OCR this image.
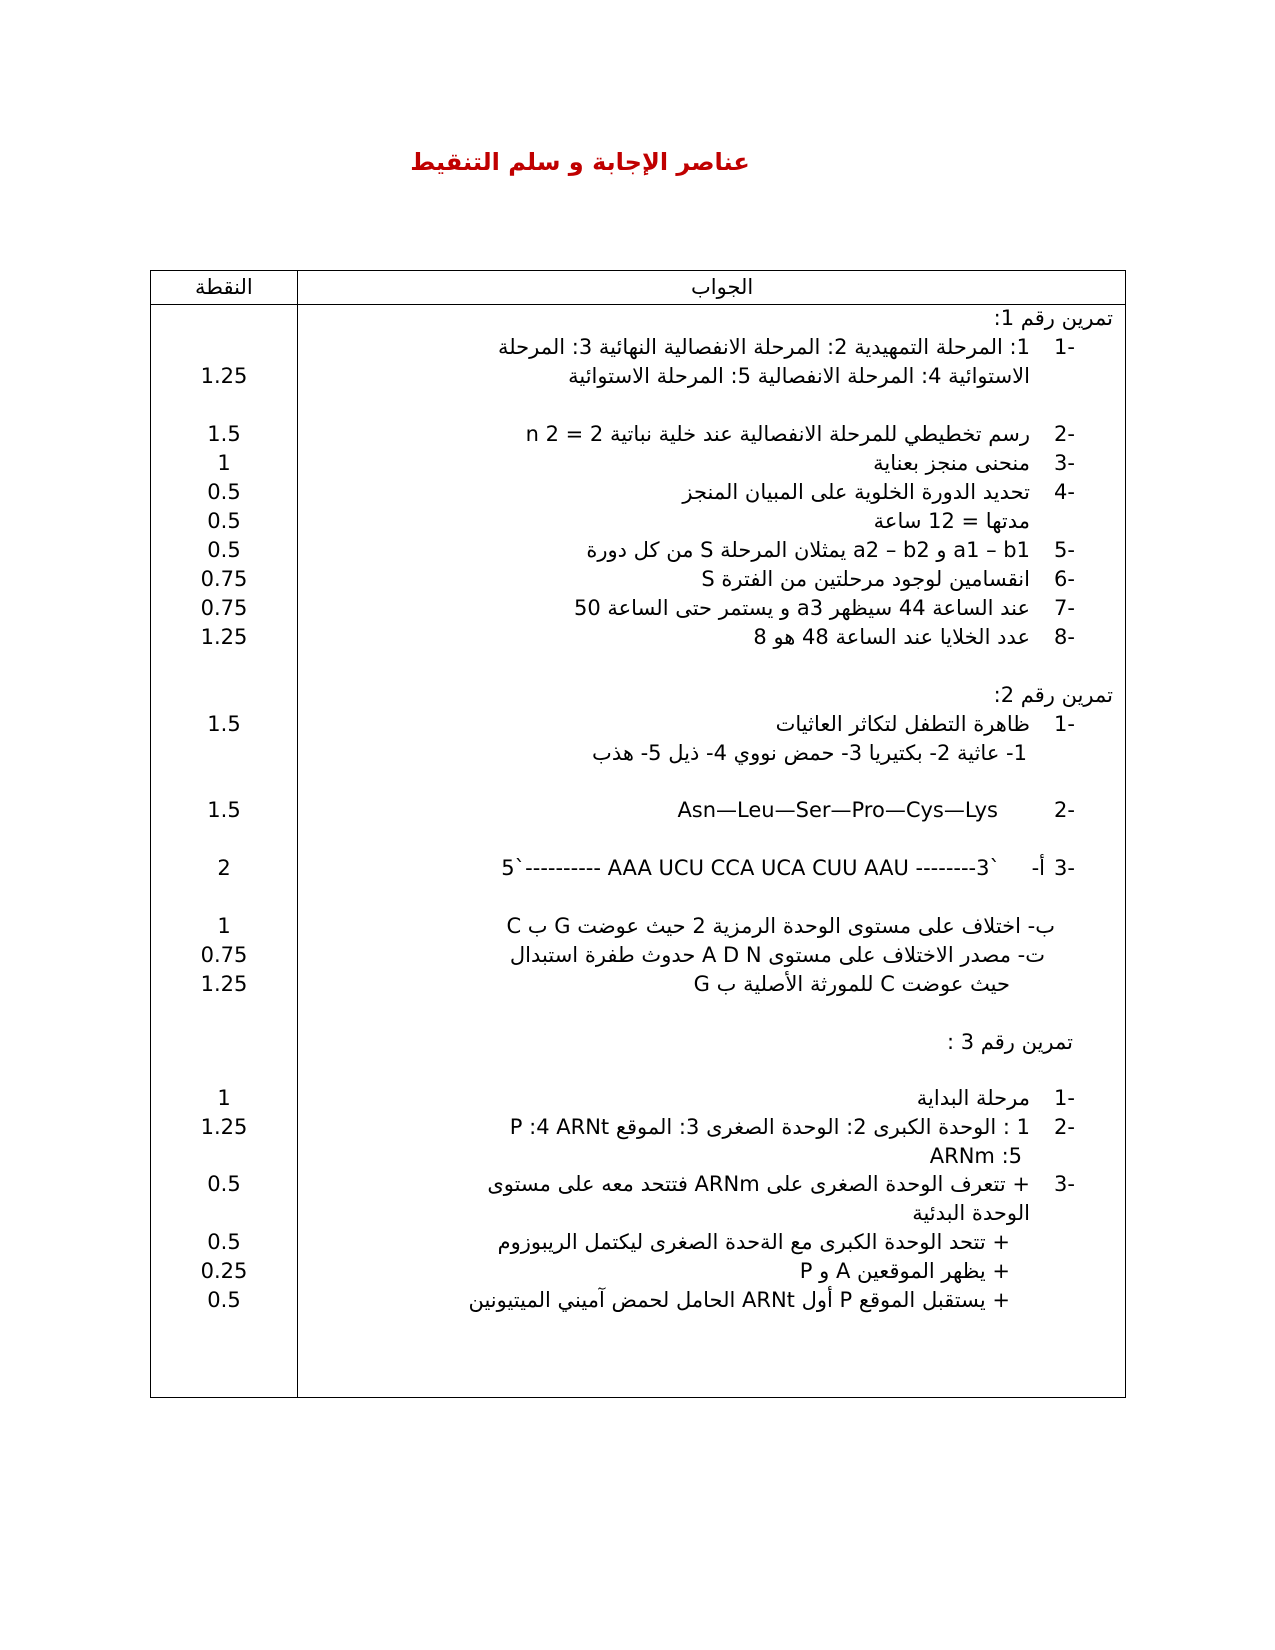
عناصر الإجابة و سلم التنقيط
النقطة	الجواب
تمرين رقم 1:
-1
1: المرحلة التمهيدية 2: المرحلة الانفصالية النهائية 3: المرحلة
الاستوائية 4: المرحلة الانفصالية 5: المرحلة الاستوائية
-2
رسم تخطيطي للمرحلة الانفصالية عند خلية نباتية 2 = 2 n
-3
منحنى منجز بعناية
-4
تحديد الدورة الخلوية على المبيان المنجز
مدتها = 12 ساعة
-5
a1 – b1 و a2 – b2 يمثلان المرحلة S من كل دورة
-6
انقسامين لوجود مرحلتين من الفترة S
-7
عند الساعة 44 سيظهر a3 و يستمر حتى الساعة 50
-8
عدد الخلايا عند الساعة 48 هو 8
تمرين رقم 2:
-1
ظاهرة التطفل لتكاثر العاثيات
1- عاثية 2- بكتيريا 3- حمض نووي 4- ذيل 5- هذب
-2
Asn—Leu—Ser—Pro—Cys—Lys
-3
أ-
5`---------- AAA UCU CCA UCA CUU AAU --------3`
ب- اختلاف على مستوى الوحدة الرمزية 2 حيث عوضت G ب C
ت- مصدر الاختلاف على مستوى A D N حدوث طفرة استبدال
حيث عوضت C للمورثة الأصلية ب G
تمرين رقم 3 :
-1
مرحلة البداية
-2
1 : الوحدة الكبرى 2: الوحدة الصغرى 3: الموقع P :4 ARNt
ARNm :5
-3
+ تتعرف الوحدة الصغرى على ARNm فتتحد معه على مستوى
الوحدة البدئية
+ تتحد الوحدة الكبرى مع الةحدة الصغرى ليكتمل الريبوزوم
+ يظهر الموقعين A و P
+ يستقبل الموقع P أول ARNt الحامل لحمض آميني الميتيونين
1.25
1.5
1
0.5
0.5
0.5
0.75
0.75
1.25
1.5
1.5
2
1
0.75
1.25
1
1.25
0.5
0.5
0.25
0.5
